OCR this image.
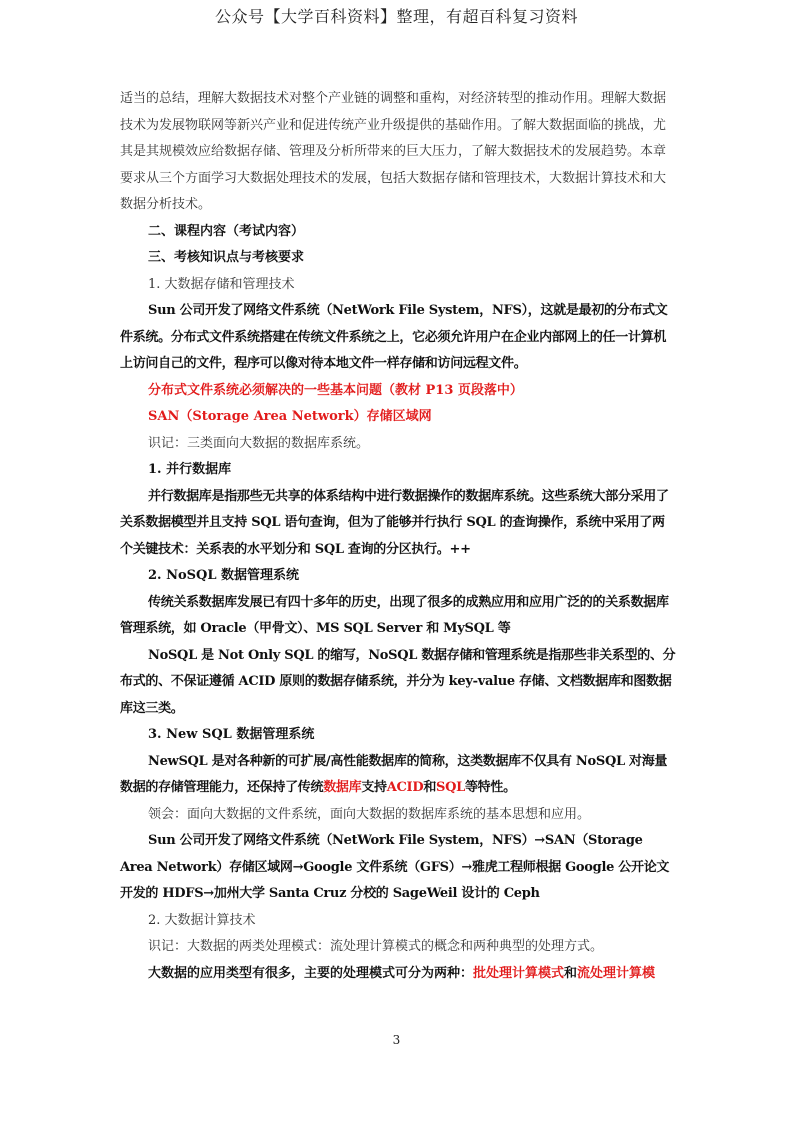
公众号【大学百科资料】整理，有超百科复习资料

适当的总结，理解大数据技术对整个产业链的调整和重构，对经济转型的推动作用。理解大数据技术为发展物联网等新兴产业和促进传统产业升级提供的基础作用。了解大数据面临的挑战，尤其是其规模效应给数据存储、管理及分析所带来的巨大压力，了解大数据技术的发展趋势。本章要求从三个方面学习大数据处理技术的发展，包括大数据存储和管理技术，大数据计算技术和大数据分析技术。

二、课程内容（考试内容）

三、考核知识点与考核要求

1. 大数据存储和管理技术

Sun 公司开发了网络文件系统（NetWork File System，NFS），这就是最初的分布式文件系统。分布式文件系统搭建在传统文件系统之上，它必须允许用户在企业内部网上的任一计算机上访问自己的文件，程序可以像对待本地文件一样存储和访问远程文件。

分布式文件系统必须解决的一些基本问题（教材 P13 页段落中）

SAN（Storage Area Network）存储区域网

识记：三类面向大数据的数据库系统。

1. 并行数据库

并行数据库是指那些无共享的体系结构中进行数据操作的数据库系统。这些系统大部分采用了关系数据模型并且支持 SQL 语句查询，但为了能够并行执行 SQL 的查询操作，系统中采用了两个关键技术：关系表的水平划分和 SQL 查询的分区执行。++

2. NoSQL 数据管理系统

传统关系数据库发展已有四十多年的历史，出现了很多的成熟应用和应用广泛的的关系数据库管理系统，如 Oracle（甲骨文）、MS SQL Server 和 MySQL 等

NoSQL 是 Not Only SQL 的缩写，NoSQL 数据存储和管理系统是指那些非关系型的、分布式的、不保证遵循 ACID 原则的数据存储系统，并分为 key-value 存储、文档数据库和图数据库这三类。

3. New SQL 数据管理系统

NewSQL 是对各种新的可扩展/高性能数据库的简称，这类数据库不仅具有 NoSQL 对海量数据的存储管理能力，还保持了传统数据库支持ACID和SQL等特性。

领会：面向大数据的文件系统，面向大数据的数据库系统的基本思想和应用。

Sun 公司开发了网络文件系统（NetWork File System，NFS）→SAN（Storage Area Network）存储区域网→Google 文件系统（GFS）→雅虎工程师根据 Google 公开论文开发的 HDFS→加州大学 Santa Cruz 分校的 SageWeil 设计的 Ceph

2. 大数据计算技术

识记：大数据的两类处理模式：流处理计算模式的概念和两种典型的处理方式。

大数据的应用类型有很多，主要的处理模式可分为两种：批处理计算模式和流处理计算模

3
